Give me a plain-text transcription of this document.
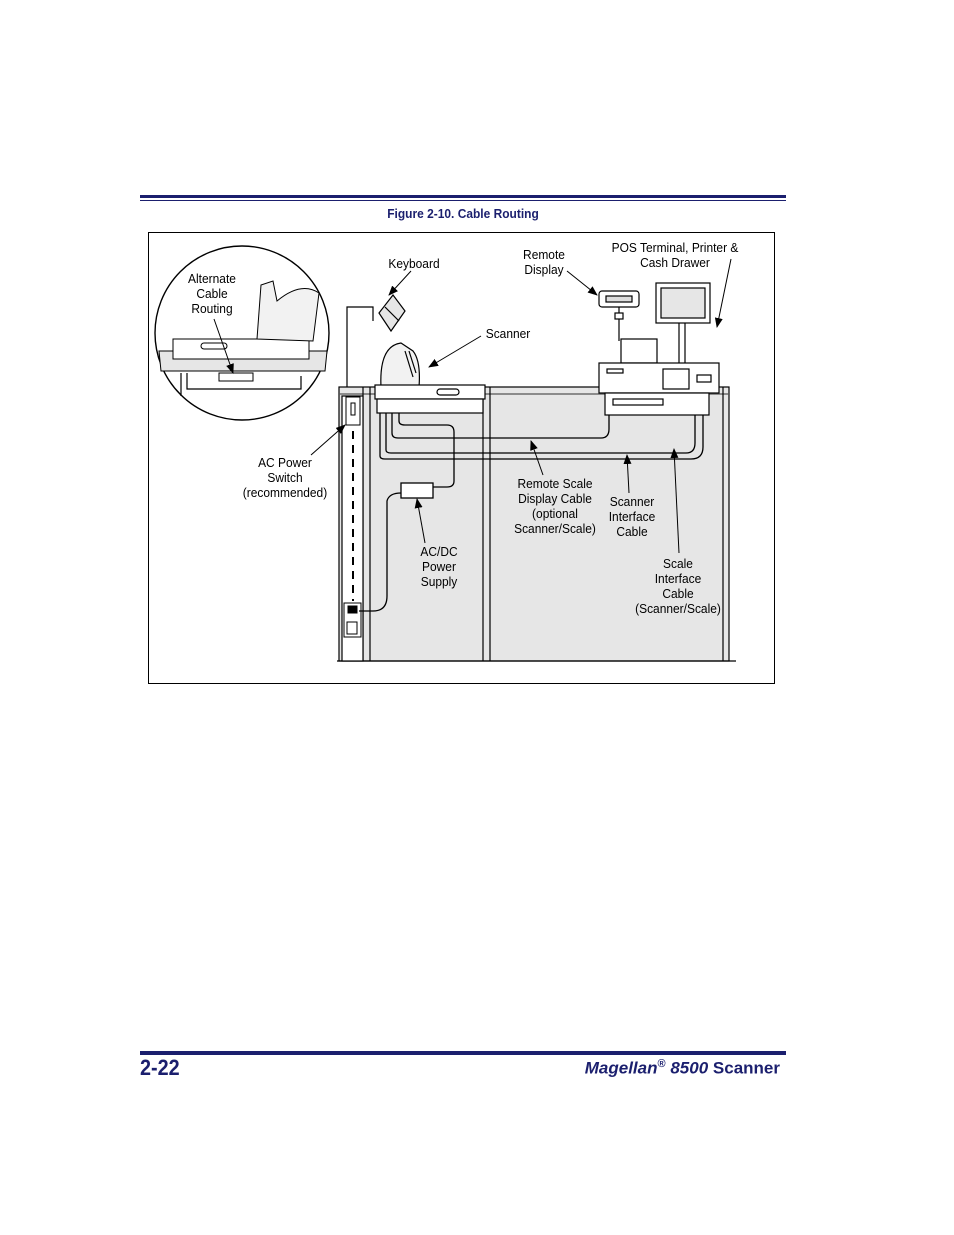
Figure 2-10. Cable Routing
Alternate
Cable
Routing
Keyboard
Remote
Display
POS Terminal, Printer &
Cash Drawer
Scanner
AC Power
Switch
(recommended)
Remote Scale
Display Cable
(optional
Scanner/Scale)
Scanner
Interface
Cable
AC/DC
Power
Supply
Scale
Interface
Cable
(Scanner/Scale)
2-22	Magellan® 8500 Scanner
